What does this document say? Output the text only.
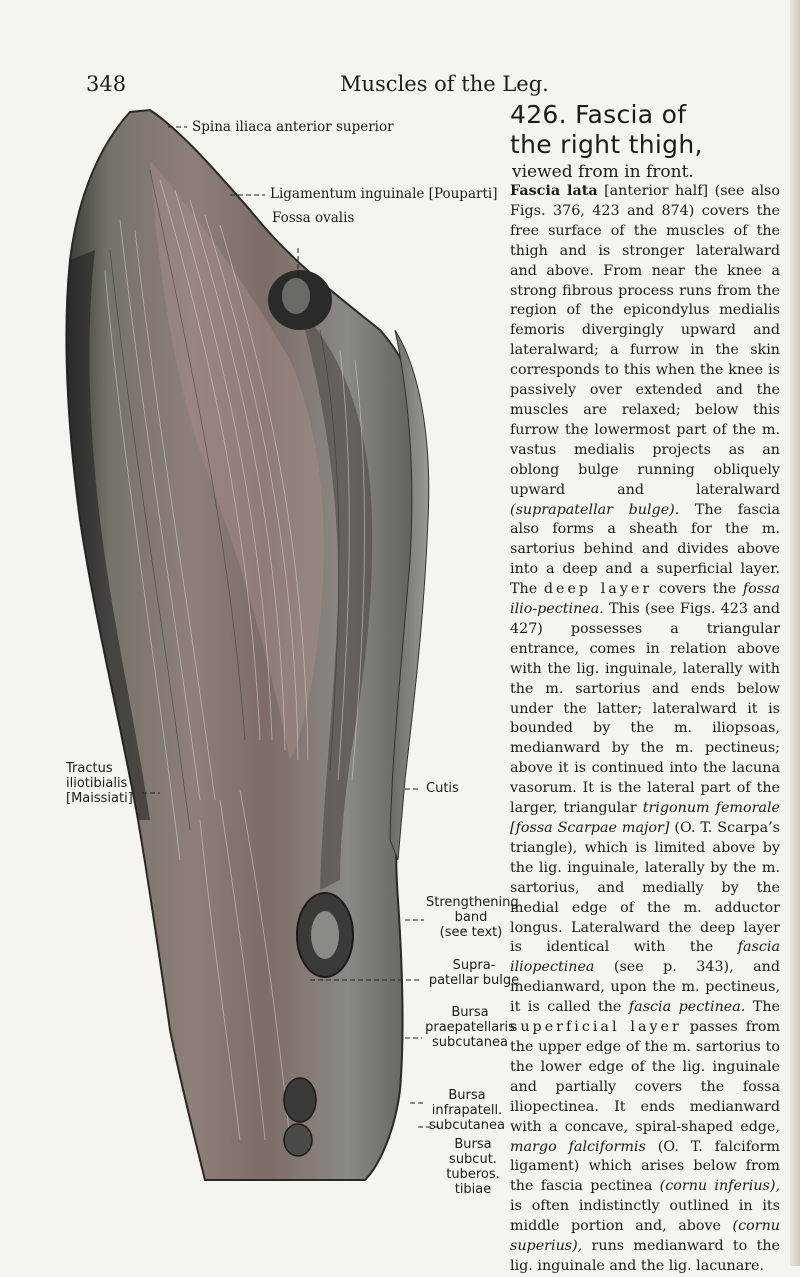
348	Muscles of the Leg.
Spina iliaca anterior superior
Ligamentum inguinale [Pouparti]
Fossa ovalis
Tractus
iliotibialis
[Maissiati]
Cutis
Strengthening
band
(see text)
Supra-
patellar bulge
Bursa
praepatellaris
subcutanea
Bursa
infrapatell.
subcutanea
Bursa
subcut.
tuberos.
tibiae
426. Fascia of
the right thigh,
viewed from in front.

Fascia lata [anterior half] (see also Figs. 376, 423 and 874) covers the free surface of the muscles of the thigh and is stronger lateralward and above. From near the knee a strong fibrous process runs from the region of the epicondylus medialis femoris divergingly upward and lateralward; a furrow in the skin corresponds to this when the knee is passively over extended and the muscles are relaxed; below this furrow the lowermost part of the m. vastus medialis projects as an oblong bulge running obliquely upward and lateralward (suprapatellar bulge). The fascia also forms a sheath for the m. sartorius behind and divides above into a deep and a superficial layer. The deep layer covers the fossa ilio-pectinea. This (see Figs. 423 and 427) possesses a triangular entrance, comes in relation above with the lig. inguinale, laterally with the m. sartorius and ends below under the latter; lateralward it is bounded by the m. iliopsoas, medianward by the m. pectineus; above it is continued into the lacuna vasorum. It is the lateral part of the larger, triangular trigonum femorale [fossa Scarpae major] (O. T. Scarpa’s triangle), which is limited above by the lig. inguinale, laterally by the m. sartorius, and medially by the medial edge of the m. adductor longus. Lateralward the deep layer is identical with the fascia iliopectinea (see p. 343), and medianward, upon the m. pectineus, it is called the fascia pectinea. The superficial layer passes from the upper edge of the m. sartorius to the lower edge of the lig. inguinale and partially covers the fossa iliopectinea. It ends medianward with a concave, spiral-shaped edge, margo falciformis (O. T. falciform ligament) which arises below from the fascia pectinea (cornu inferius), is often indistinctly outlined in its middle portion and, above (cornu superius), runs medianward to the lig. inguinale and the lig. lacunare.
